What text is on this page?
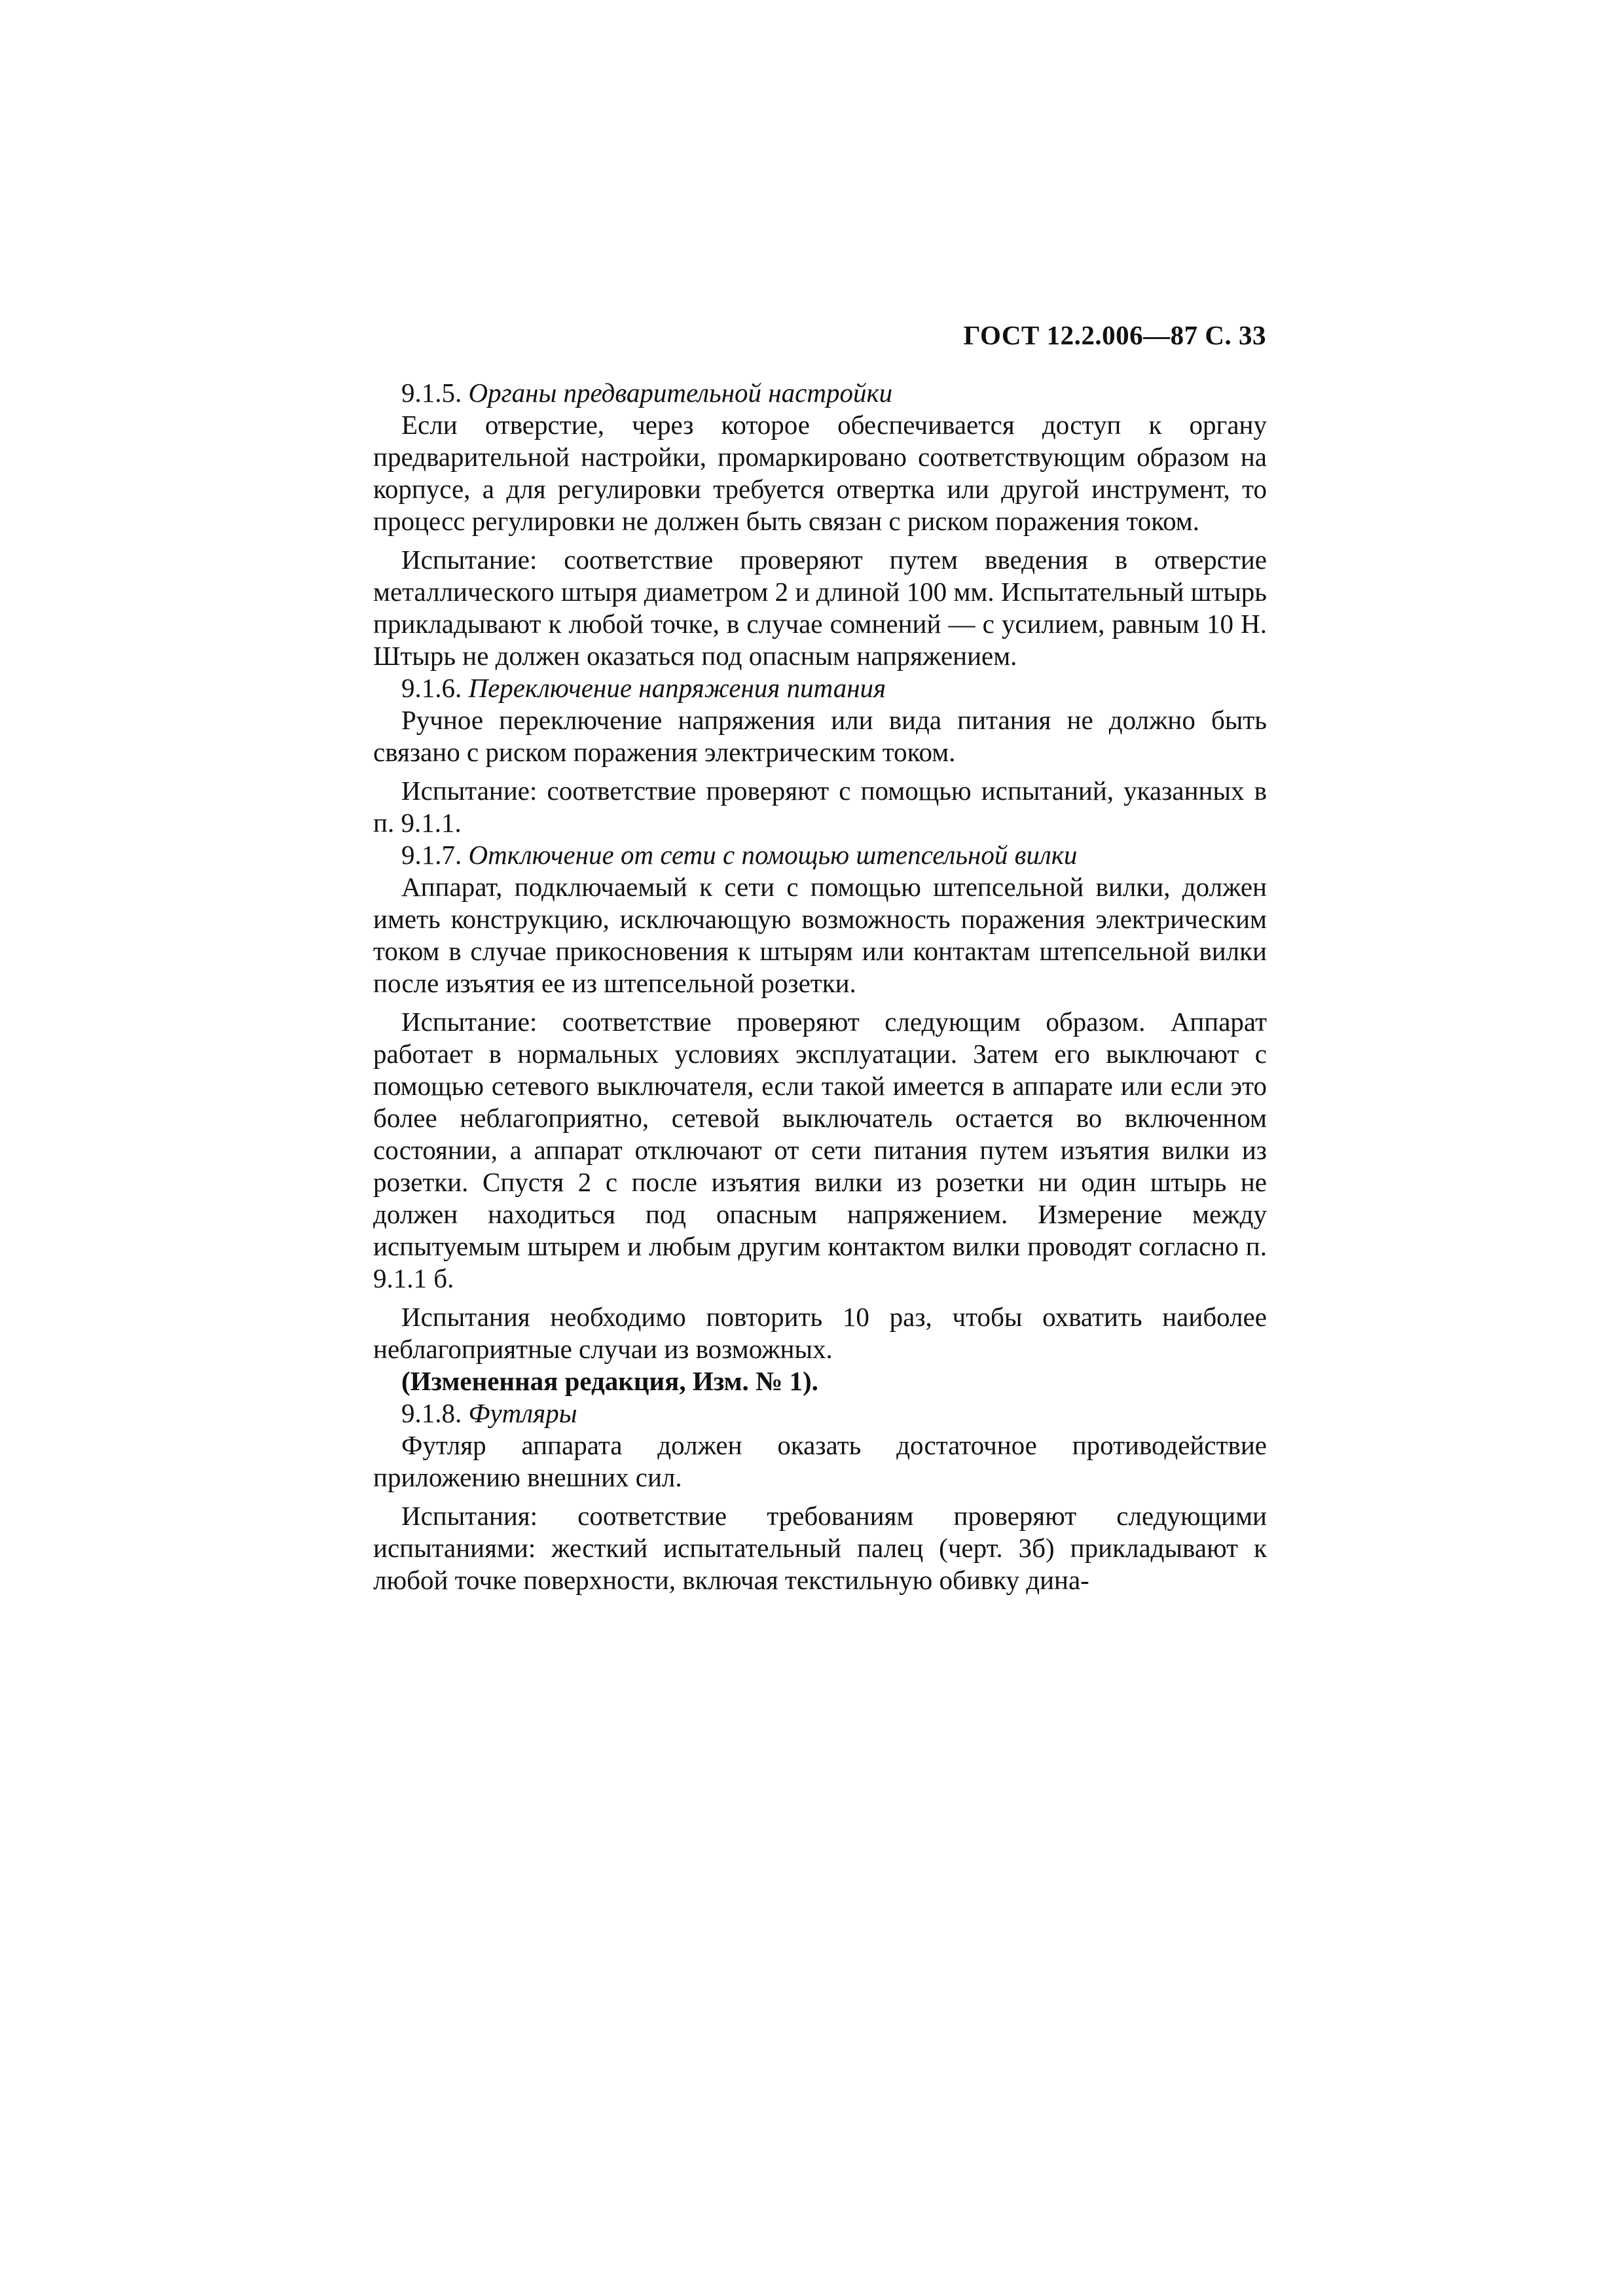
ГОСТ 12.2.006—87 С. 33

9.1.5. Органы предварительной настройки

Если отверстие, через которое обеспечивается доступ к органу предварительной настройки, промаркировано соответствующим образом на корпусе, а для регулировки требуется отвертка или другой инструмент, то процесс регулировки не должен быть связан с риском поражения током.

Испытание: соответствие проверяют путем введения в отверстие металлического штыря диаметром 2 и длиной 100 мм. Испытательный штырь прикладывают к любой точке, в случае сомнений — с усилием, равным 10 Н. Штырь не должен оказаться под опасным напряжением.

9.1.6. Переключение напряжения питания

Ручное переключение напряжения или вида питания не должно быть связано с риском поражения электрическим током.

Испытание: соответствие проверяют с помощью испытаний, указанных в п. 9.1.1.

9.1.7. Отключение от сети с помощью штепсельной вилки

Аппарат, подключаемый к сети с помощью штепсельной вилки, должен иметь конструкцию, исключающую возможность поражения электрическим током в случае прикосновения к штырям или контактам штепсельной вилки после изъятия ее из штепсельной розетки.

Испытание: соответствие проверяют следующим образом. Аппарат работает в нормальных условиях эксплуатации. Затем его выключают с помощью сетевого выключателя, если такой имеется в аппарате или если это более неблагоприятно, сетевой выключатель остается во включенном состоянии, а аппарат отключают от сети питания путем изъятия вилки из розетки. Спустя 2 с после изъятия вилки из розетки ни один штырь не должен находиться под опасным напряжением. Измерение между испытуемым штырем и любым другим контактом вилки проводят согласно п. 9.1.1 б.

Испытания необходимо повторить 10 раз, чтобы охватить наиболее неблагоприятные случаи из возможных.

(Измененная редакция, Изм. № 1).

9.1.8. Футляры

Футляр аппарата должен оказать достаточное противодействие приложению внешних сил.

Испытания: соответствие требованиям проверяют следующими испытаниями: жесткий испытательный палец (черт. 3б) прикладывают к любой точке поверхности, включая текстильную обивку дина-
